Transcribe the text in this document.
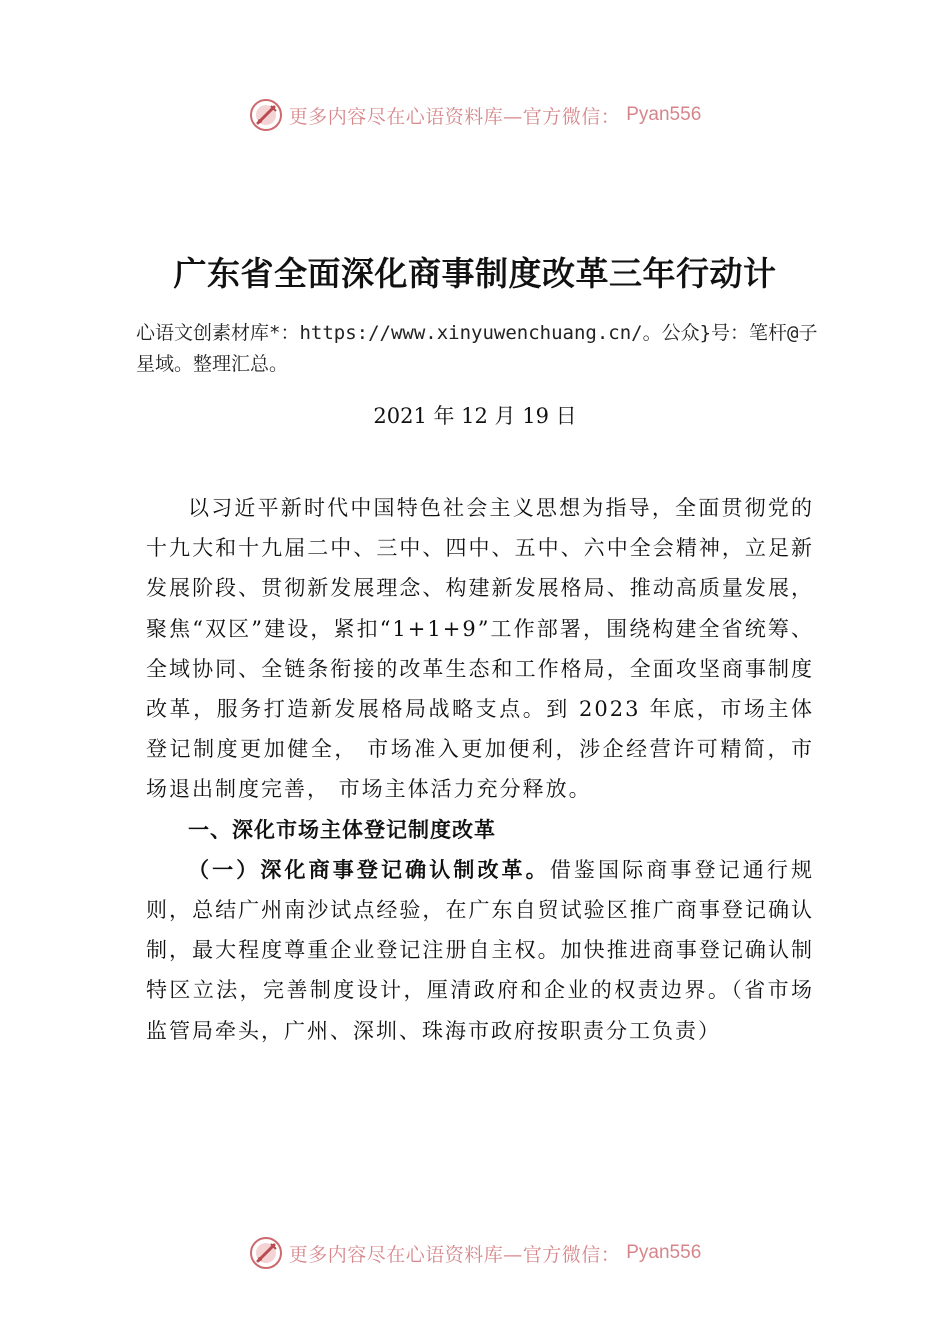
更多内容尽在心语资料库—官方微信： Pyan556
广东省全面深化商事制度改革三年行动计
心语文创素材库*：https://www.xinyuwenchuang.cn/。公众}号：笔杆@子星域。整理汇总。
2021 年 12 月 19 日

以习近平新时代中国特色社会主义思想为指导，全面贯彻党的十九大和十九届二中、三中、四中、五中、六中全会精神，立足新发展阶段、贯彻新发展理念、构建新发展格局、推动高质量发展，聚焦“双区”建设，紧扣“1+1+9”工作部署，围绕构建全省统筹、全域协同、全链条衔接的改革生态和工作格局，全面攻坚商事制度改革，服务打造新发展格局战略支点。到 2023 年底，市场主体登记制度更加健全， 市场准入更加便利，涉企经营许可精简，市场退出制度完善， 市场主体活力充分释放。

一、深化市场主体登记制度改革

（一）深化商事登记确认制改革。借鉴国际商事登记通行规则，总结广州南沙试点经验，在广东自贸试验区推广商事登记确认制，最大程度尊重企业登记注册自主权。加快推进商事登记确认制特区立法，完善制度设计，厘清政府和企业的权责边界。（省市场监管局牵头，广州、深圳、珠海市政府按职责分工负责）

更多内容尽在心语资料库—官方微信： Pyan556
